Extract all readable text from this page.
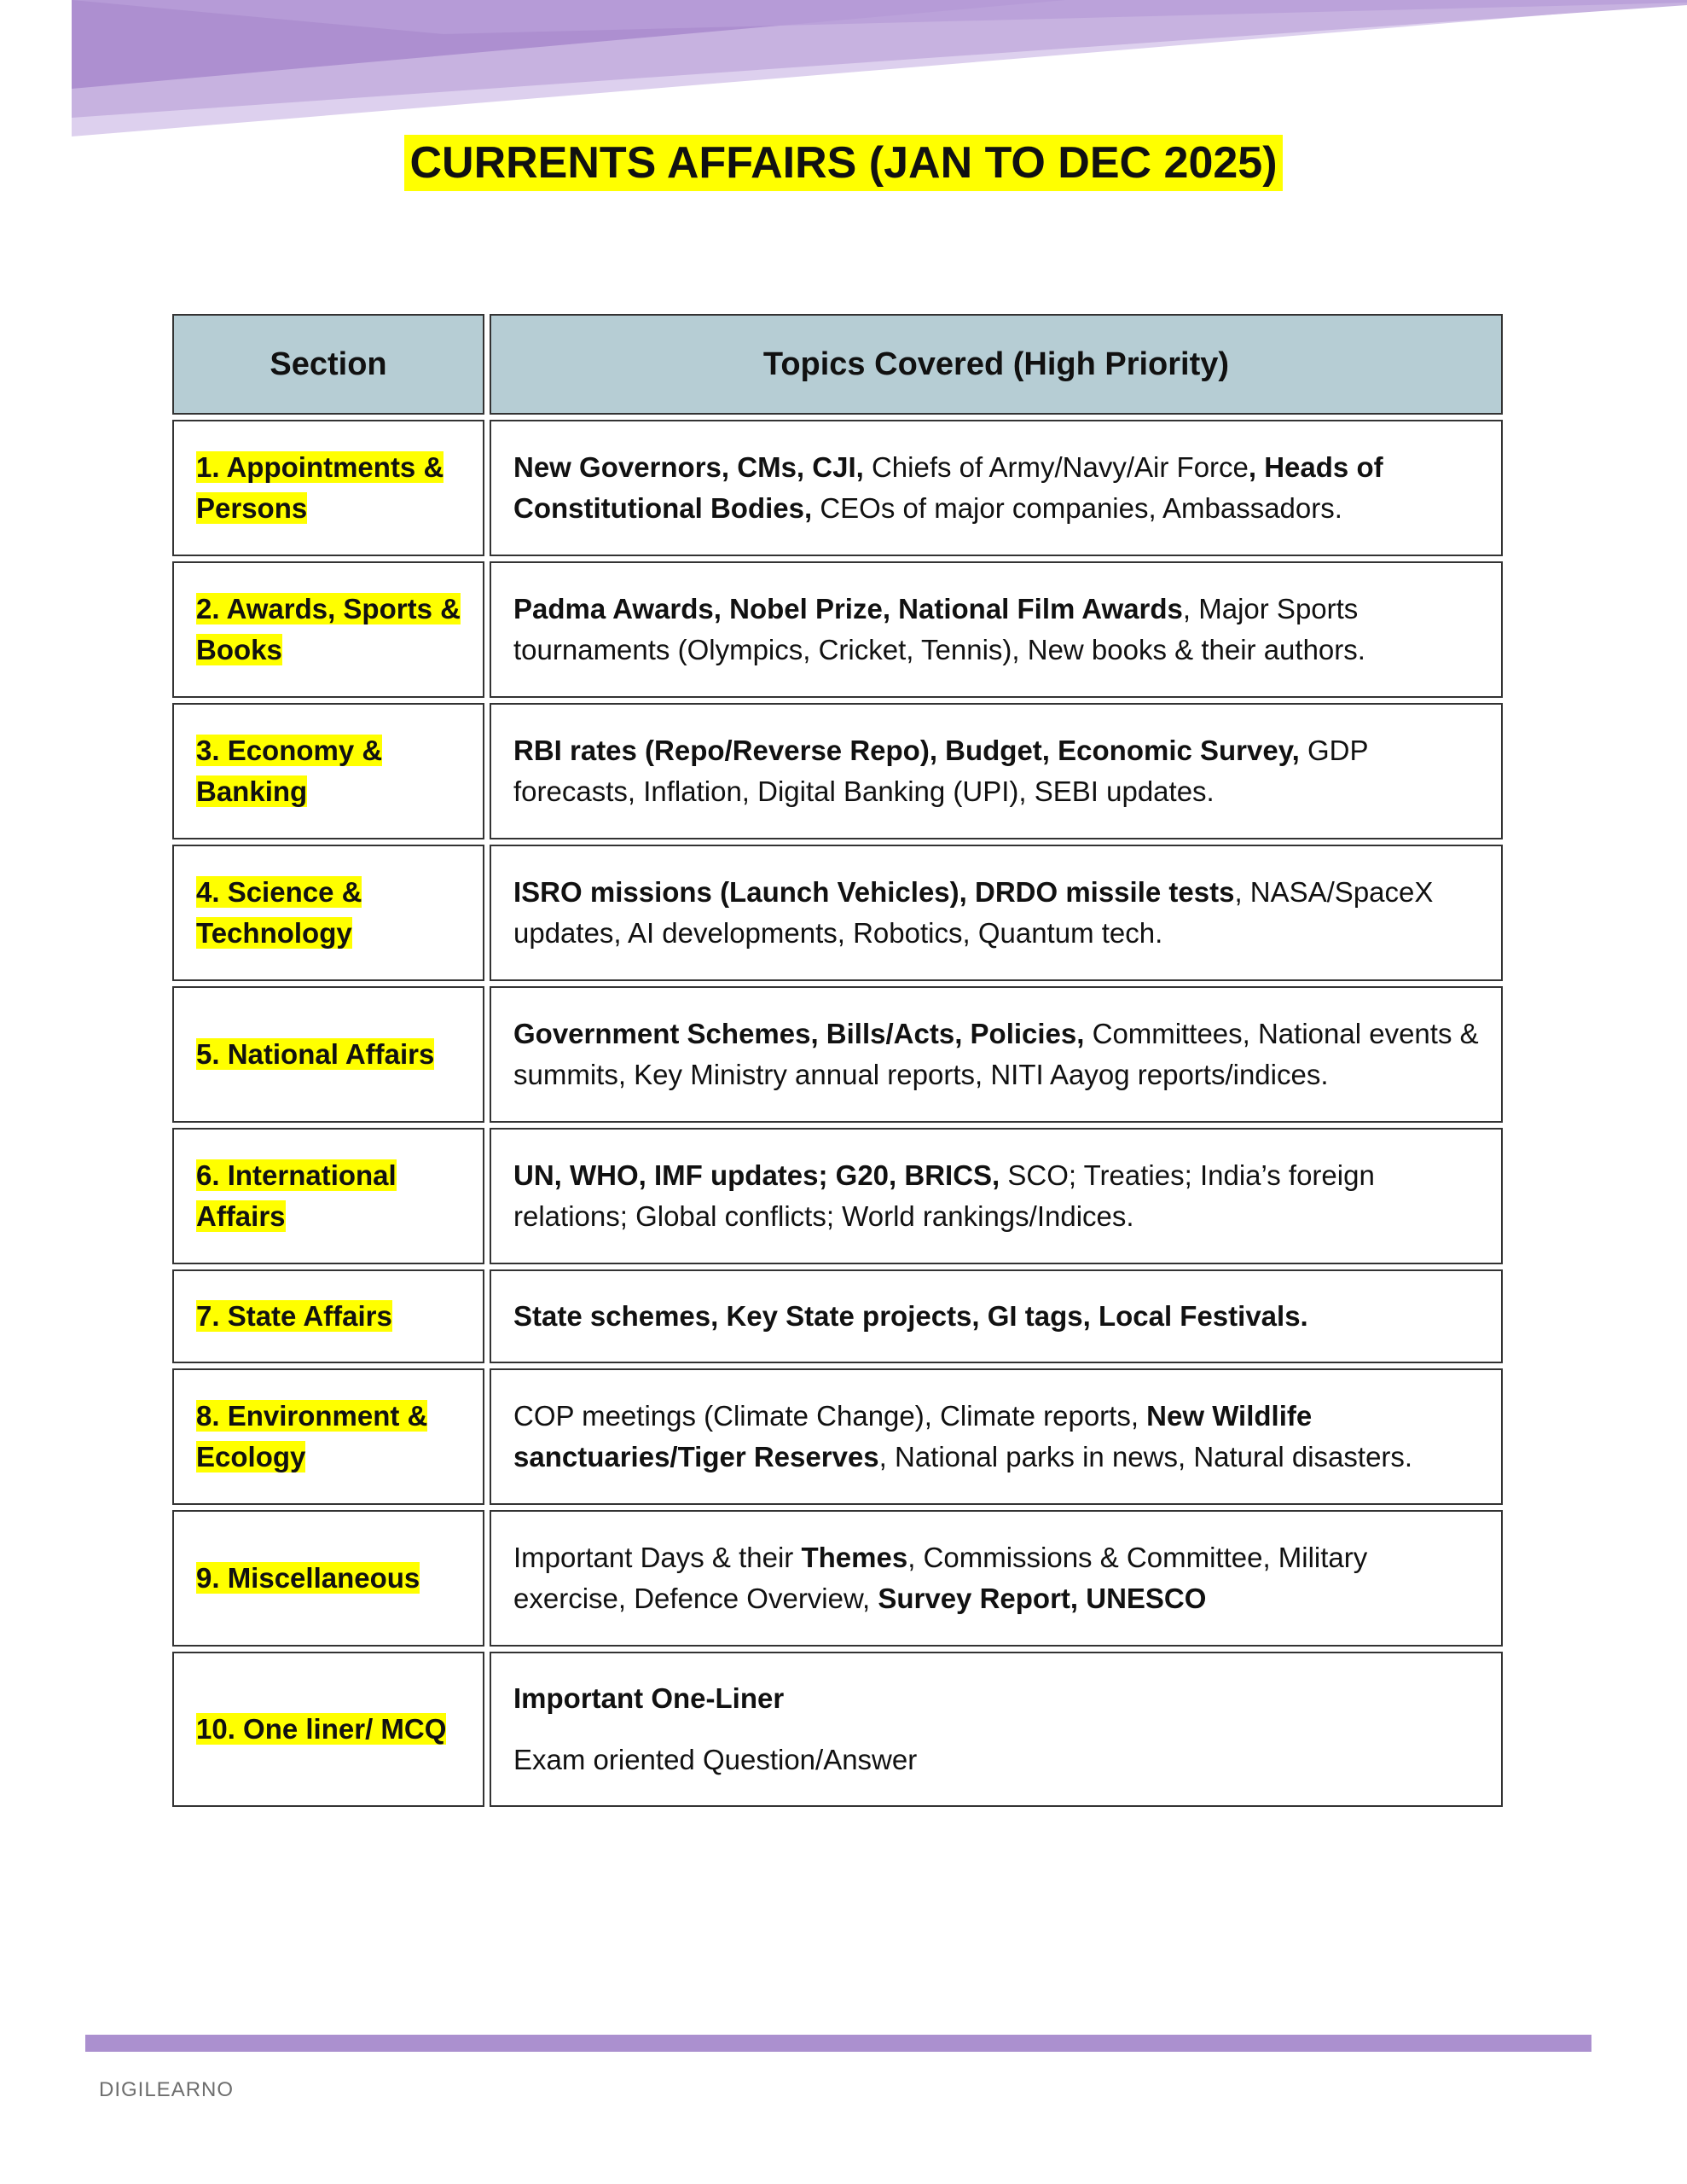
CURRENTS AFFAIRS (JAN TO DEC 2025)
Section	Topics Covered (High Priority)
1. Appointments & Persons	New Governors, CMs, CJI, Chiefs of Army/Navy/Air Force, Heads of Constitutional Bodies, CEOs of major companies, Ambassadors.
2. Awards, Sports & Books	Padma Awards, Nobel Prize, National Film Awards, Major Sports tournaments (Olympics, Cricket, Tennis), New books & their authors.
3. Economy & Banking	RBI rates (Repo/Reverse Repo), Budget, Economic Survey, GDP forecasts, Inflation, Digital Banking (UPI), SEBI updates.
4. Science & Technology	ISRO missions (Launch Vehicles), DRDO missile tests, NASA/SpaceX updates, AI developments, Robotics, Quantum tech.
5. National Affairs	Government Schemes, Bills/Acts, Policies, Committees, National events & summits, Key Ministry annual reports, NITI Aayog reports/indices.
6. International Affairs	UN, WHO, IMF updates; G20, BRICS, SCO; Treaties; India’s foreign relations; Global conflicts; World rankings/Indices.
7. State Affairs	State schemes, Key State projects, GI tags, Local Festivals.
8. Environment & Ecology	COP meetings (Climate Change), Climate reports, New Wildlife sanctuaries/Tiger Reserves, National parks in news, Natural disasters.
9. Miscellaneous	Important Days & their Themes, Commissions & Committee, Military exercise, Defence Overview, Survey Report, UNESCO
10. One liner/ MCQ	Important One-Liner
Exam oriented Question/Answer
DIGILEARNO
